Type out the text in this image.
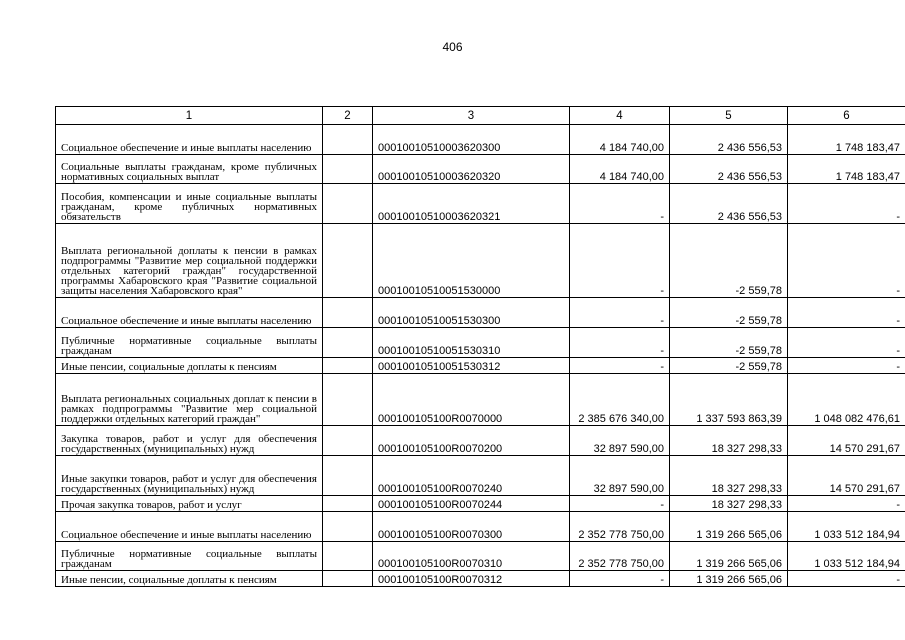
406
1	2	3	4	5	6
Социальное обеспечение и иные выплаты населению		00010010510003620300	4 184 740,00	2 436 556,53	1 748 183,47
Социальные выплаты гражданам, кроме публичных нормативных социальных выплат		00010010510003620320	4 184 740,00	2 436 556,53	1 748 183,47
Пособия, компенсации и иные социальные выплаты гражданам, кроме публичных нормативных обязательств		00010010510003620321	-	2 436 556,53	-
Выплата региональной доплаты к пенсии в рамках подпрограммы "Развитие мер социальной поддержки отдельных категорий граждан" государственной программы Хабаровского края "Развитие социальной защиты населения Хабаровского края"		00010010510051530000	-	-2 559,78	-
Социальное обеспечение и иные выплаты населению		00010010510051530300	-	-2 559,78	-
Публичные нормативные социальные выплаты гражданам		00010010510051530310	-	-2 559,78	-
Иные пенсии, социальные доплаты к пенсиям		00010010510051530312	-	-2 559,78	-
Выплата региональных социальных доплат к пенсии в рамках подпрограммы "Развитие мер социальной поддержки отдельных категорий граждан"		000100105100R0070000	2 385 676 340,00	1 337 593 863,39	1 048 082 476,61
Закупка товаров, работ и услуг для обеспечения государственных (муниципальных) нужд		000100105100R0070200	32 897 590,00	18 327 298,33	14 570 291,67
Иные закупки товаров, работ и услуг для обеспечения государственных (муниципальных) нужд		000100105100R0070240	32 897 590,00	18 327 298,33	14 570 291,67
Прочая закупка товаров, работ и услуг		000100105100R0070244	-	18 327 298,33	-
Социальное обеспечение и иные выплаты населению		000100105100R0070300	2 352 778 750,00	1 319 266 565,06	1 033 512 184,94
Публичные нормативные социальные выплаты гражданам		000100105100R0070310	2 352 778 750,00	1 319 266 565,06	1 033 512 184,94
Иные пенсии, социальные доплаты к пенсиям		000100105100R0070312	-	1 319 266 565,06	-
